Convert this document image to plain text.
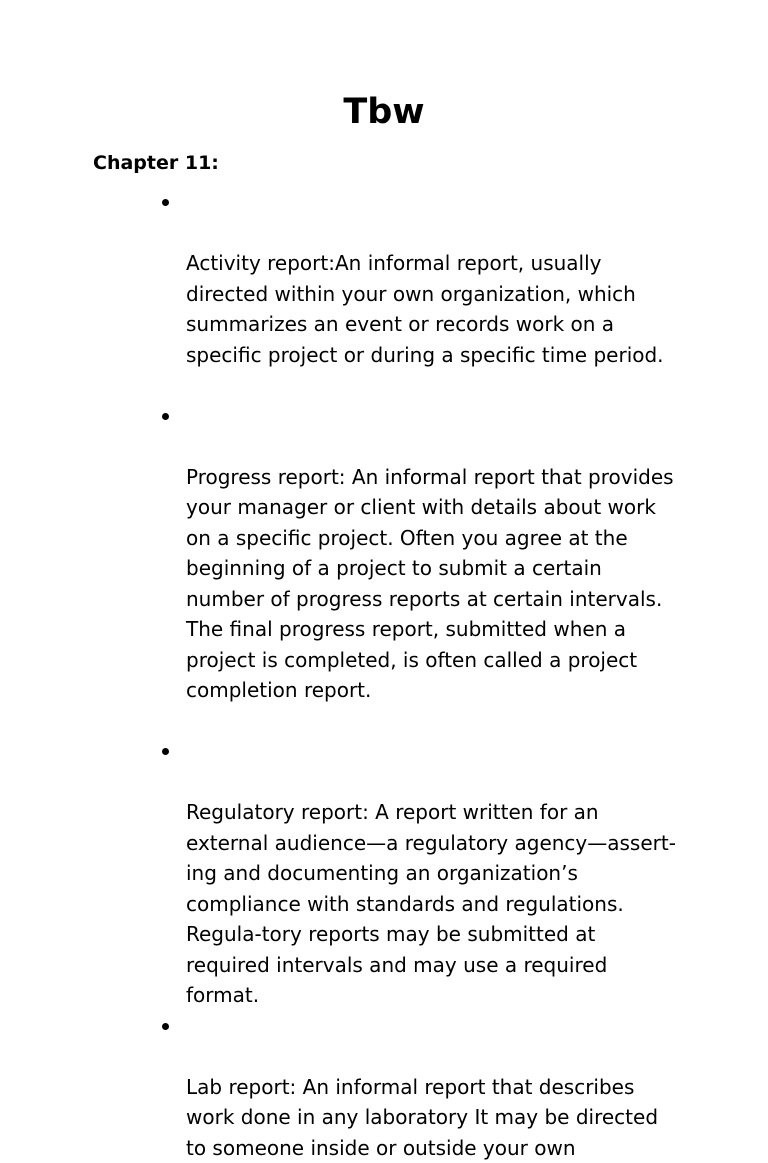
Tbw
Chapter 11:

Activity report:An informal report, usually
directed within your own organization, which
summarizes an event or records work on a
specific project or during a specific time period.

Progress report: An informal report that provides
your manager or client with details about work
on a specific project. Often you agree at the
beginning of a project to submit a certain
number of progress reports at certain intervals.
The final progress report, submitted when a
project is completed, is often called a project
completion report.

Regulatory report: A report written for an
external audience—a regulatory agency—assert-
ing and documenting an organization’s
compliance with standards and regulations.
Regula-tory reports may be submitted at
required intervals and may use a required
format.

Lab report: An informal report that describes
work done in any laboratory It may be directed
to someone inside or outside your own
